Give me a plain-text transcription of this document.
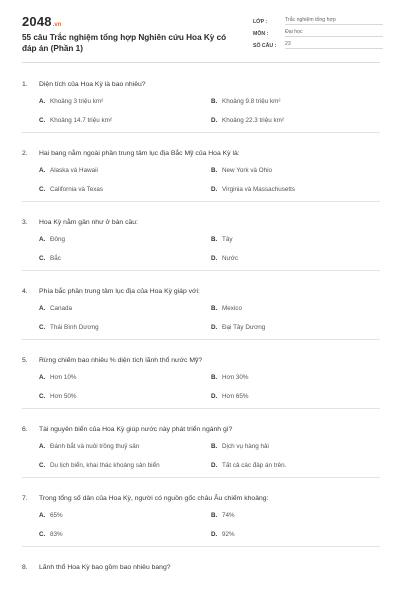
2048 .vn
55 câu Trắc nghiệm tổng hợp Nghiên cứu Hoa Kỳ có đáp án (Phần 1)
LỚP :	Trắc nghiệm tổng hợp
MÔN :	Đại học
SỐ CÂU :	23
1.	Diện tích của Hoa Kỳ là bao nhiêu?
A. Khoảng 3 triệu km²	B. Khoảng 9.8 triệu km²
C. Khoảng 14.7 triệu km²	D. Khoảng 22.3 triệu km²
2.	Hai bang nằm ngoài phần trung tâm lục địa Bắc Mỹ của Hoa Kỳ là:
A. Alaska và Hawaii	B. New York và Ohio
C. California và Texas	D. Virginia và Massachusetts
3.	Hoa Kỳ nằm gần như ở bán cầu:
A. Đông	B. Tây
C. Bắc	D. Nước
4.	Phía bắc phần trung tâm lục địa của Hoa Kỳ giáp với:
A. Canada	B. Mexico
C. Thái Bình Dương	D. Đại Tây Dương
5.	Rừng chiếm bao nhiêu % diện tích lãnh thổ nước Mỹ?
A. Hơn 10%	B. Hơn 30%
C. Hơn 50%	D. Hơn 65%
6.	Tài nguyên biển của Hoa Kỳ giúp nước này phát triển ngành gì?
A. Đánh bắt và nuôi trồng thuỷ sản	B. Dịch vụ hàng hải
C. Du lịch biển, khai thác khoáng sản biển	D. Tất cả các đáp án trên.
7.	Trong tổng số dân của Hoa Kỳ, người có nguồn gốc châu Âu chiếm khoảng:
A. 65%	B. 74%
C. 83%	D. 92%
8.	Lãnh thổ Hoa Kỳ bao gồm bao nhiêu bang?
